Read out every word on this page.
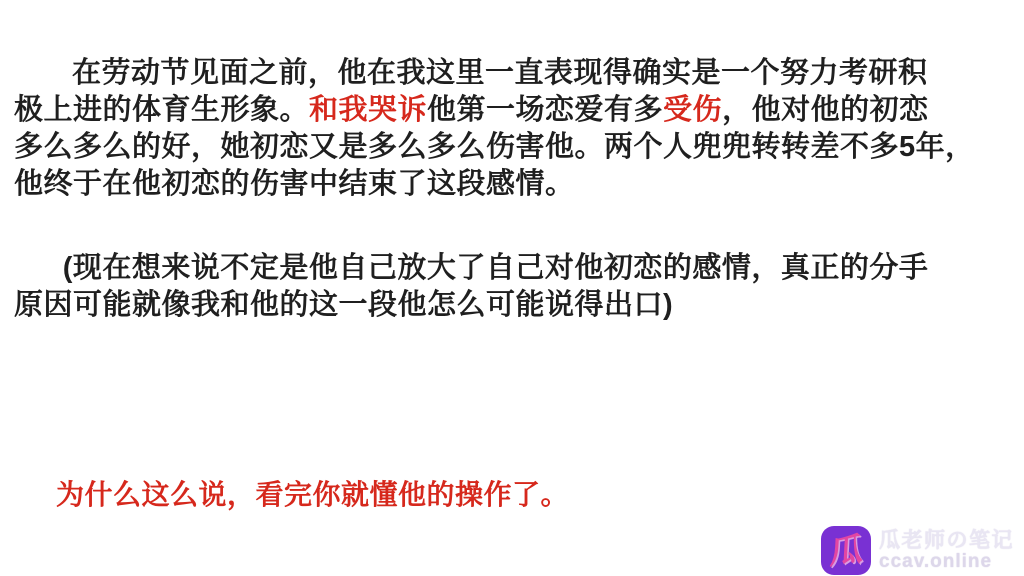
在劳动节见面之前，他在我这里一直表现得确实是一个努力考研积
极上进的体育生形象。和我哭诉他第一场恋爱有多受伤，他对他的初恋
多么多么的好，她初恋又是多么多么伤害他。两个人兜兜转转差不多5年，
他终于在他初恋的伤害中结束了这段感情。
(现在想来说不定是他自己放大了自己对他初恋的感情，真正的分手
原因可能就像我和他的这一段他怎么可能说得出口)
为什么这么说，看完你就懂他的操作了。
瓜 瓜老师の笔记
ccav.online
